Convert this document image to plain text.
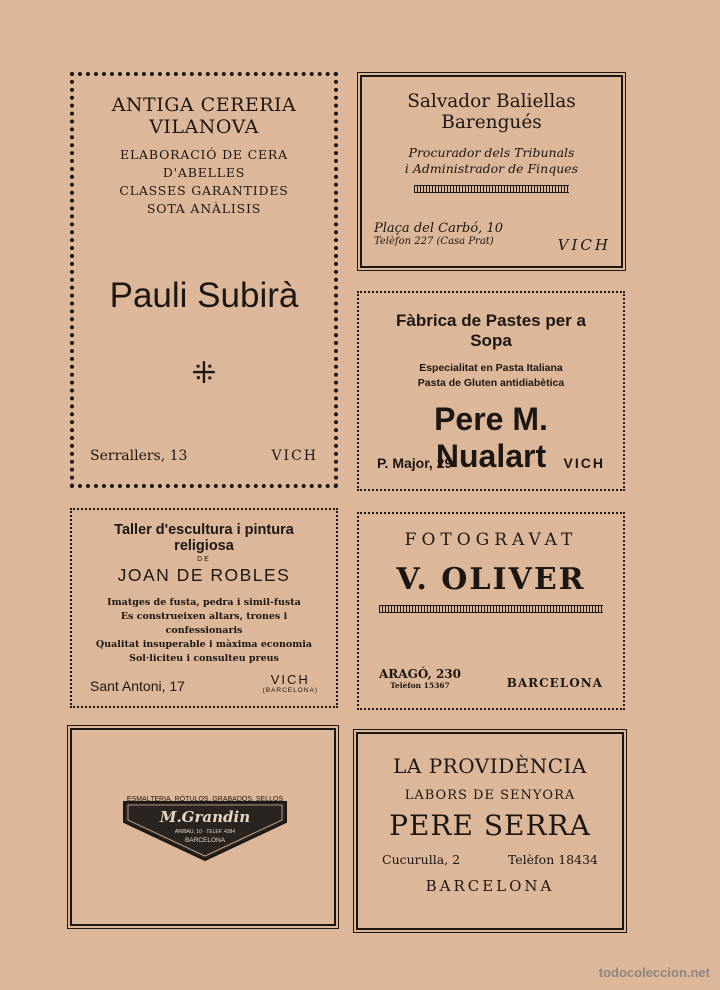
ANTIGA CERERIA VILANOVA
ELABORACIÓ DE CERA D'ABELLES
CLASSES GARANTIDES
SOTA ANÀLISIS
Pauli Subirà
⁜
Serrallers, 13	VICH
Salvador Baliellas Barengués
Procurador dels Tribunals
i Administrador de Finques
Plaça del Carbó, 10
Telèfon 227 (Casa Prat)	VICH
Fàbrica de Pastes per a Sopa
Especialitat en Pasta Italiana
Pasta de Gluten antidiabètica
Pere M. Nualart
P. Major, 29	VICH
Taller d'escultura i pintura religiosa
DE
JOAN DE ROBLES
Imatges de fusta, pedra i simil-fusta
Es construeixen altars, trones i confessionaris
Qualitat insuperable i màxima economia
Sol·liciteu i consulteu preus
Sant Antoni, 17	VICH
(BARCELONA)
FOTOGRAVAT
V. OLIVER
ARAGÓ, 230
Telèfon 15367	BARCELONA
ESMALTERIA, RÓTULOS, GRABADOS, SELLOS
M.Grandin
ARIBAU, 10 · TELEF. 4384
BARCELONA
LA PROVIDÈNCIA
LABORS DE SENYORA
PERE SERRA
Cucurulla, 2	Telèfon 18434
BARCELONA
todocoleccion.net
